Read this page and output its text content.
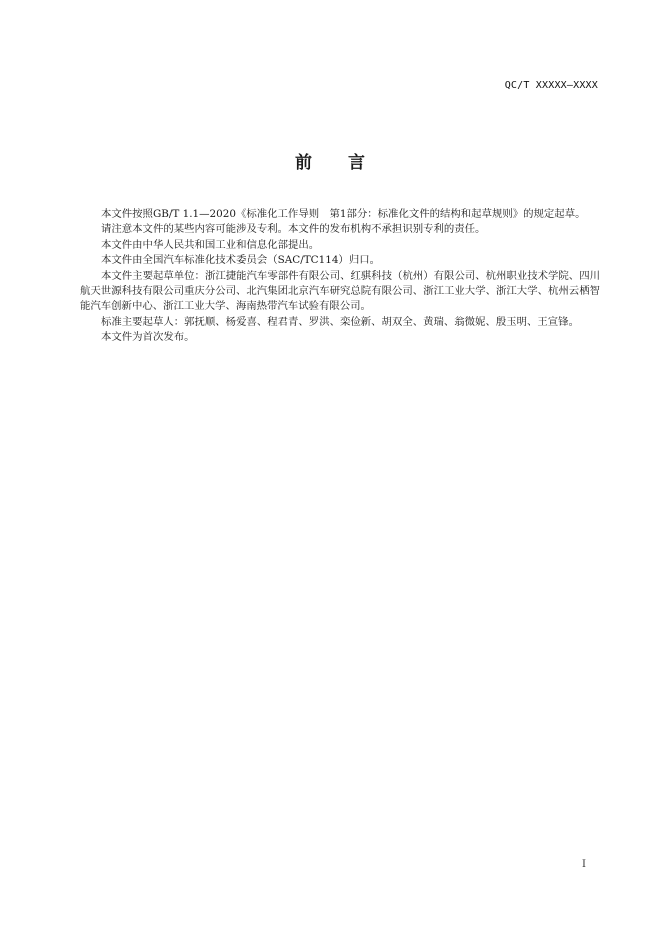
QC/T XXXXX—XXXX
前 言

本文件按照GB/T 1.1—2020《标准化工作导则　第1部分：标准化文件的结构和起草规则》的规定起草。

请注意本文件的某些内容可能涉及专利。本文件的发布机构不承担识别专利的责任。

本文件由中华人民共和国工业和信息化部提出。

本文件由全国汽车标准化技术委员会（SAC/TC114）归口。

本文件主要起草单位：浙江捷能汽车零部件有限公司、红骐科技（杭州）有限公司、杭州职业技术学院、四川航天世源科技有限公司重庆分公司、北汽集团北京汽车研究总院有限公司、浙江工业大学、浙江大学、杭州云栖智能汽车创新中心、浙江工业大学、海南热带汽车试验有限公司。

标准主要起草人：郭抚顺、杨爱喜、程君青、罗洪、栾俭新、胡双全、黄瑞、翁微妮、殷玉明、王宣锋。

本文件为首次发布。

I
